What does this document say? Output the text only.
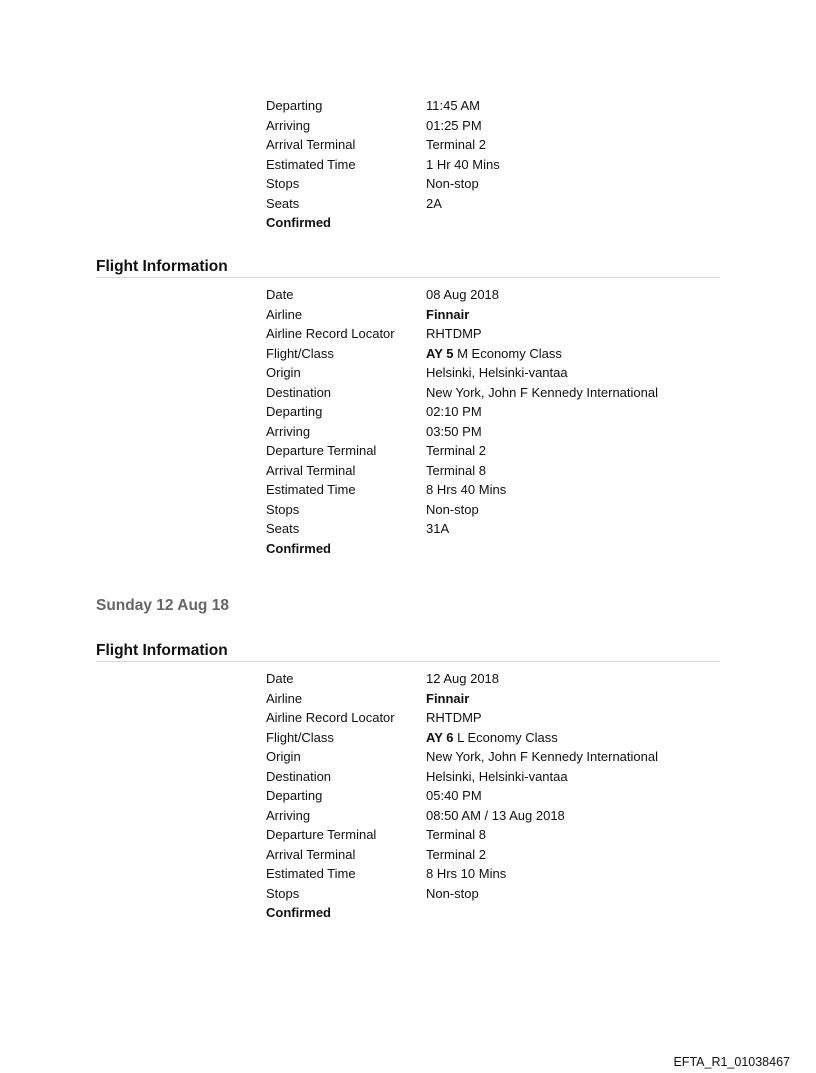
Departing	11:45 AM
Arriving	01:25 PM
Arrival Terminal	Terminal 2
Estimated Time	1 Hr 40 Mins
Stops	Non-stop
Seats	2A
Confirmed
Flight Information
Date	08 Aug 2018
Airline	Finnair
Airline Record Locator RHTDMP
Flight/Class	AY 5 M Economy Class
Origin	Helsinki, Helsinki-vantaa
Destination	New York, John F Kennedy International
Departing	02:10 PM
Arriving	03:50 PM
Departure Terminal	Terminal 2
Arrival Terminal	Terminal 8
Estimated Time	8 Hrs 40 Mins
Stops	Non-stop
Seats	31A
Confirmed
Sunday 12 Aug 18
Flight Information
Date	12 Aug 2018
Airline	Finnair
Airline Record Locator RHTDMP
Flight/Class	AY 6 L Economy Class
Origin	New York, John F Kennedy International
Destination	Helsinki, Helsinki-vantaa
Departing	05:40 PM
Arriving	08:50 AM / 13 Aug 2018
Departure Terminal	Terminal 8
Arrival Terminal	Terminal 2
Estimated Time	8 Hrs 10 Mins
Stops	Non-stop
Confirmed
EFTA_R1_01038467
